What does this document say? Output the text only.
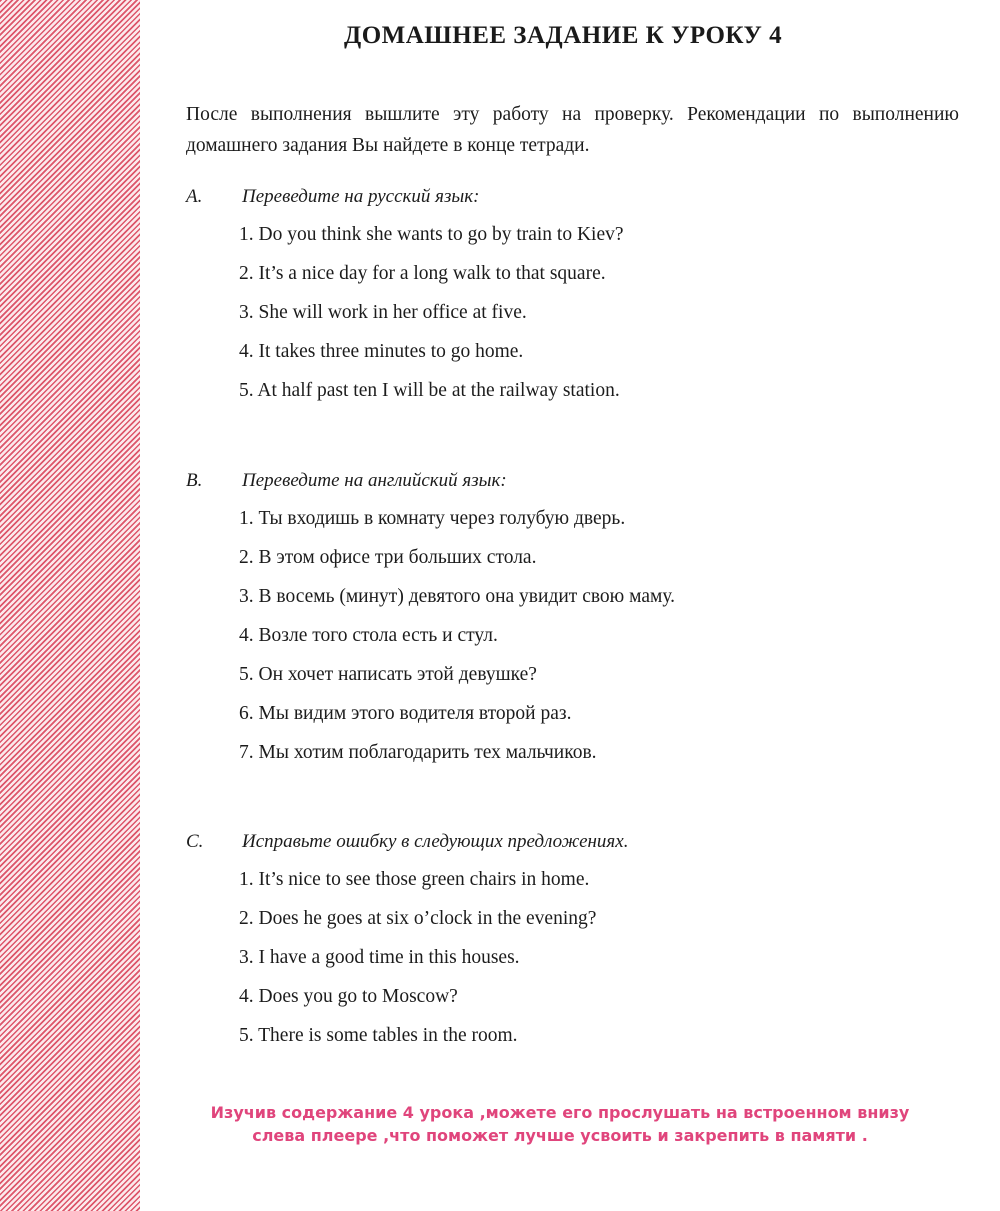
ДОМАШНЕЕ ЗАДАНИЕ К УРОКУ 4
После выполнения вышлите эту работу на проверку. Рекомендации по выполнению домашнего задания Вы найдете в конце тетради.
A. Переведите на русский язык:
1. Do you think she wants to go by train to Kiev?
2. It’s a nice day for a long walk to that square.
3. She will work in her office at five.
4. It takes three minutes to go home.
5. At half past ten I will be at the railway station.
B. Переведите на английский язык:
1. Ты входишь в комнату через голубую дверь.
2. В этом офисе три больших стола.
3. В восемь (минут) девятого она увидит свою маму.
4. Возле того стола есть и стул.
5. Он хочет написать этой девушке?
6. Мы видим этого водителя второй раз.
7. Мы хотим поблагодарить тех мальчиков.
C. Исправьте ошибку в следующих предложениях.
1. It’s nice to see those green chairs in home.
2. Does he goes at six o’clock in the evening?
3. I have a good time in this houses.
4. Does you go to Moscow?
5. There is some tables in the room.
Изучив содержание 4 урока ,можете его прослушать на встроенном внизу
слева плеере ,что поможет лучше усвоить и закрепить в памяти .
